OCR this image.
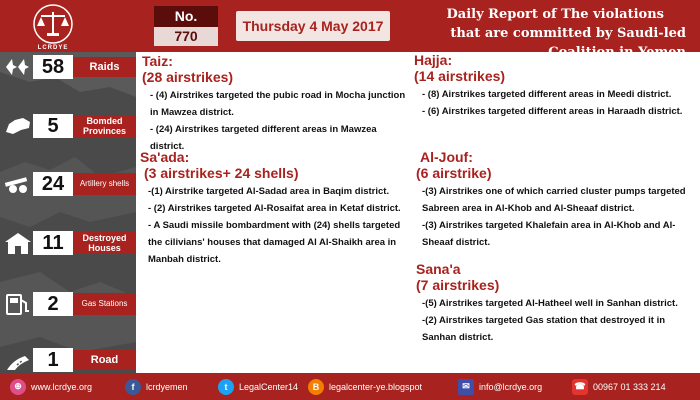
LCRDYE
No.
770
Thursday 4 May 2017
Daily Report of The violations
that are committed by Saudi-led Coalition in Yemen
58	Raids
5	Bomded Provinces
24	Artillery shells
11	Destroyed Houses
2	Gas Stations
1	Road
Taiz:
(28 airstrikes)
- (4) Airstrikes targeted the pubic road in Mocha junction in Mawzea district.
- (24) Airstrikes targeted different areas in Mawzea district.
Sa'ada:
(3 airstrikes+ 24 shells)
-(1) Airstrike targeted Al-Sadad area in Baqim district.
- (2) Airstrikes targeted Al-Rosaifat area in Ketaf district.
- A Saudi missile bombardment with (24) shells targeted the cilivians' houses that damaged Al Al-Shaikh area in Manbah district.
Hajja:
(14 airstrikes)
- (8) Airstrikes targeted different areas in Meedi district.
- (6) Airstrikes targeted different areas in Haraadh district.
Al-Jouf:
(6 airstrike)
-(3) Airstrikes one of which carried cluster pumps targeted Sabreen area in Al-Khob and Al-Sheaaf district.
-(3) Airstrikes targeted Khalefain area in Al-Khob and Al-Sheaaf district.
Sana'a
(7 airstrikes)
-(5) Airstrikes targeted Al-Hatheel well in Sanhan district.
-(2) Airstrikes targeted Gas station that destroyed it in Sanhan district.
⊕	www.lcrdye.org	f	lcrdyemen	t	LegalCenter14	B	legalcenter-ye.blogspot	✉	info@lcrdye.org	☎ 00967 01 333 214
